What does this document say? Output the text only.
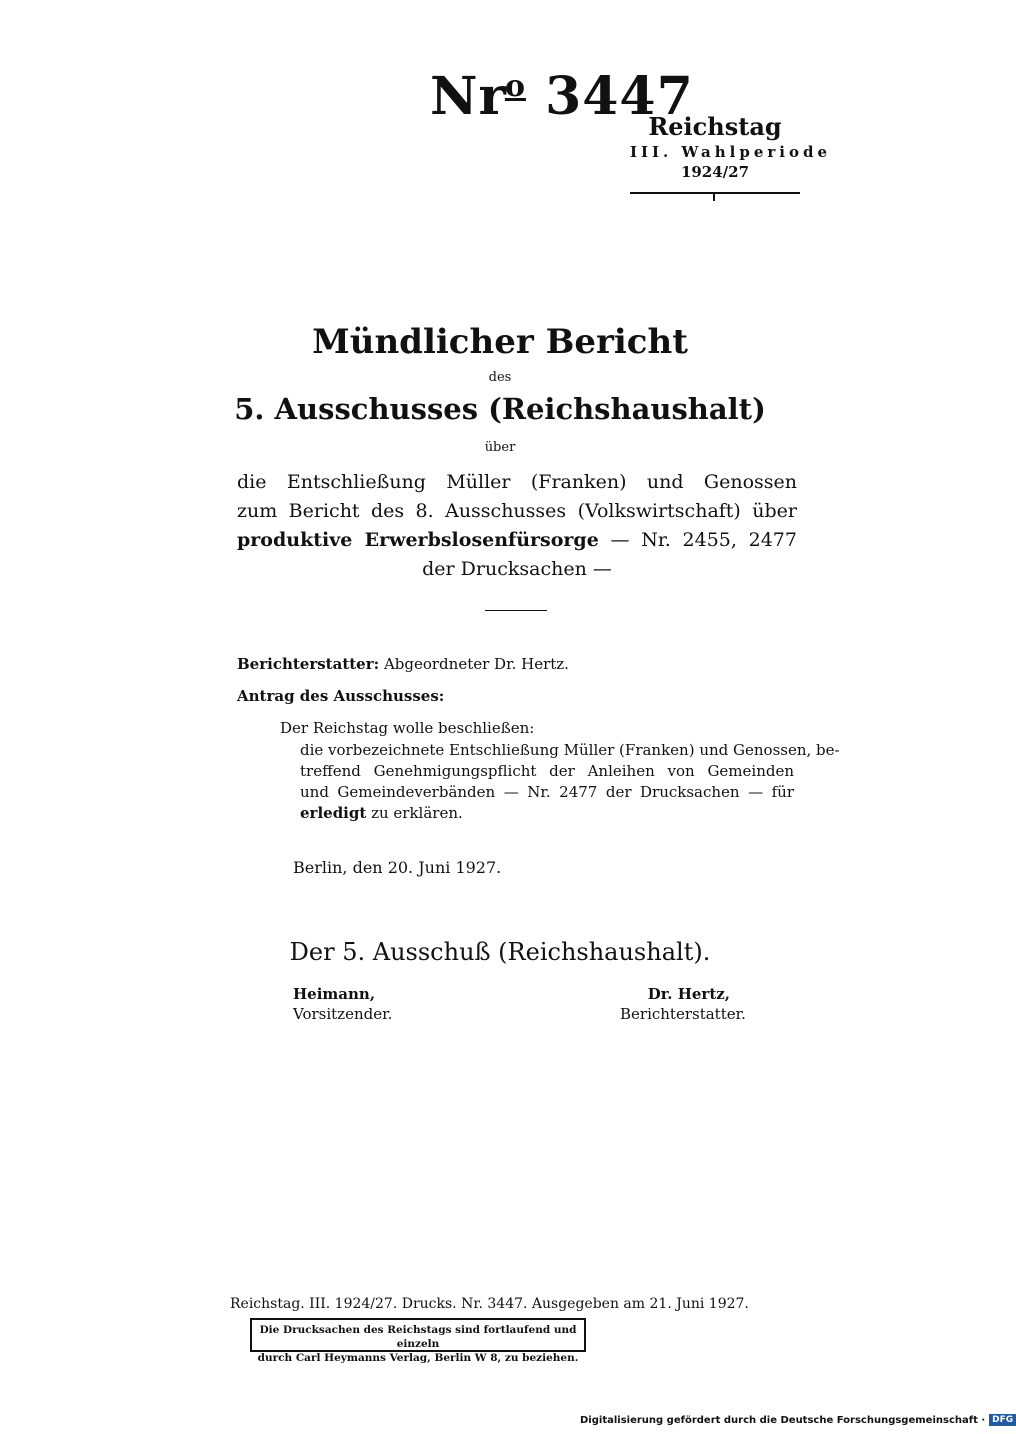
Nr$^o$ 3447
Reichstag
III. Wahlperiode
1924/27
Mündlicher Bericht
des
5. Ausschusses (Reichshaushalt)
über
die Entschließung Müller (Franken) und Genossen
zum Bericht des 8. Ausschusses (Volkswirtschaft) über
produktive Erwerbslosenfürsorge — Nr. 2455, 2477
der Drucksachen —
Berichterstatter: Abgeordneter Dr. Hertz.
Antrag des Ausschusses:
Der Reichstag wolle beschließen:
die vorbezeichnete Entschließung Müller (Franken) und Genossen, be-
treffend Genehmigungspflicht der Anleihen von Gemeinden
und Gemeindeverbänden — Nr. 2477 der Drucksachen — für
erledigt zu erklären.
Berlin, den 20. Juni 1927.
Der 5. Ausschuß (Reichshaushalt).
Heimann,
Vorsitzender.
Dr. Hertz,
Berichterstatter.
Reichstag. III. 1924/27. Drucks. Nr. 3447. Ausgegeben am 21. Juni 1927.
Die Drucksachen des Reichstags sind fortlaufend und einzeln
durch Carl Heymanns Verlag, Berlin W 8, zu beziehen.
Digitalisierung gefördert durch die Deutsche Forschungsgemeinschaft · DFG
